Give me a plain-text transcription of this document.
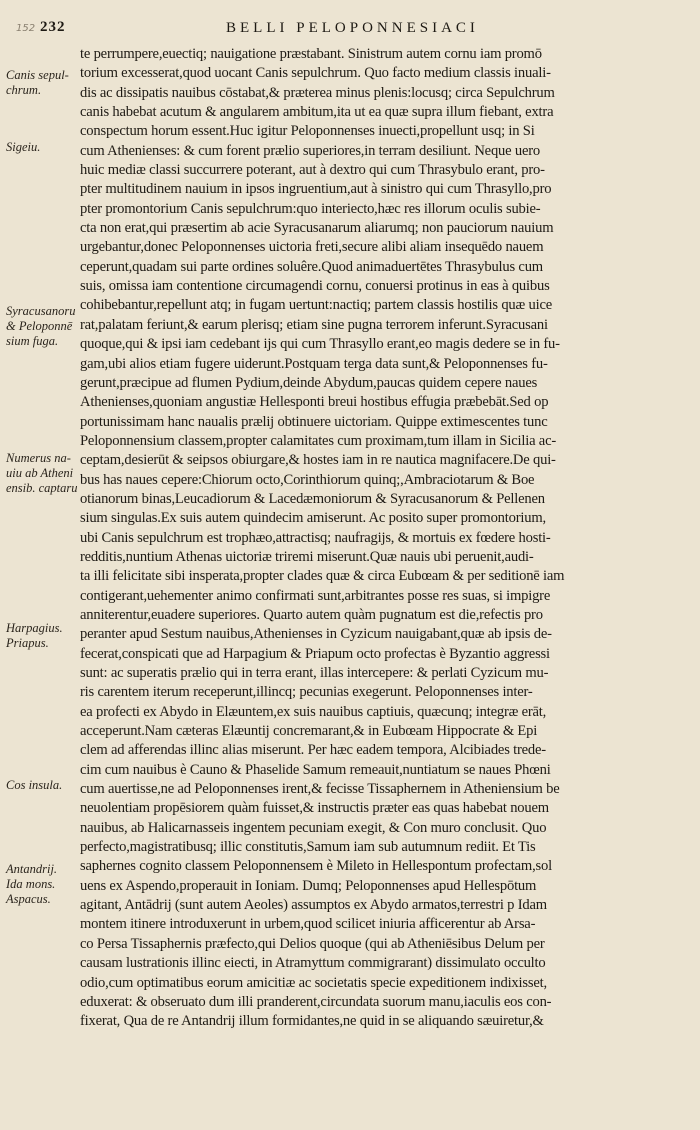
152 232	BELLI PELOPONNESIACI
Canis sepul-
chrum.
Sigeiu.
Syracusanoru
& Peloponnē
sium fuga.
Numerus na-
uiu ab Atheni
ensib. captaru
Harpagius.
Priapus.
Cos insula.
Antandrij.
Ida mons.
Aspacus.
te perrumpere,euectiq; nauigatione præstabant. Sinistrum autem cornu iam promō
torium excesserat,quod uocant Canis sepulchrum. Quo facto medium classis inuali-
dis ac dissipatis nauibus cōstabat,& præterea minus plenis:locusq; circa Sepulchrum
canis habebat acutum & angularem ambitum,ita ut ea quæ supra illum fiebant, extra
conspectum horum essent.Huc igitur Peloponnenses inuecti,propellunt usq; in Si
cum Athenienses: & cum forent prælio superiores,in terram desiliunt. Neque uero
huic mediæ classi succurrere poterant, aut à dextro qui cum Thrasybulo erant, pro-
pter multitudinem nauium in ipsos ingruentium,aut à sinistro qui cum Thrasyllo,pro
pter promontorium Canis sepulchrum:quo interiecto,hæc res illorum oculis subie-
cta non erat,qui præsertim ab acie Syracusanarum aliarumq; non pauciorum nauium
urgebantur,donec Peloponnenses uictoria freti,secure alibi aliam insequēdo nauem
ceperunt,quadam sui parte ordines soluêre.Quod animaduertētes Thrasybulus cum
suis, omissa iam contentione circumagendi cornu, conuersi protinus in eas à quibus
cohibebantur,repellunt atq; in fugam uertunt:nactiq; partem classis hostilis quæ uice
rat,palatam feriunt,& earum plerisq; etiam sine pugna terrorem inferunt.Syracusani
quoque,qui & ipsi iam cedebant ijs qui cum Thrasyllo erant,eo magis dedere se in fu-
gam,ubi alios etiam fugere uiderunt.Postquam terga data sunt,& Peloponnenses fu-
gerunt,præcipue ad flumen Pydium,deinde Abydum,paucas quidem cepere naues
Athenienses,quoniam angustiæ Hellesponti breui hostibus effugia præbebāt.Sed op
portunissimam hanc naualis prælij obtinuere uictoriam. Quippe extimescentes tunc
Peloponnensium classem,propter calamitates cum proximam,tum illam in Sicilia ac-
ceptam,desierūt & seipsos obiurgare,& hostes iam in re nautica magnifacere.De qui-
bus has naues cepere:Chiorum octo,Corinthiorum quinq;,Ambraciotarum & Boe
otianorum binas,Leucadiorum & Lacedæmoniorum & Syracusanorum & Pellenen
sium singulas.Ex suis autem quindecim amiserunt. Ac posito super promontorium,
ubi Canis sepulchrum est trophæo,attractisq; naufragijs, & mortuis ex fœdere hosti-
redditis,nuntium Athenas uictoriæ triremi miserunt.Quæ nauis ubi peruenit,audi-
ta illi felicitate sibi insperata,propter clades quæ & circa Eubœam & per seditionē iam
contigerant,uehementer animo confirmati sunt,arbitrantes posse res suas, si impigre
anniterentur,euadere superiores. Quarto autem quàm pugnatum est die,refectis pro
peranter apud Sestum nauibus,Athenienses in Cyzicum nauigabant,quæ ab ipsis de-
fecerat,conspicati que ad Harpagium & Priapum octo profectas è Byzantio aggressi
sunt: ac superatis prælio qui in terra erant, illas intercepere: & perlati Cyzicum mu-
ris carentem iterum receperunt,illincq; pecunias exegerunt. Peloponnenses inter-
ea profecti ex Abydo in Elæuntem,ex suis nauibus captiuis, quæcunq; integræ erāt,
acceperunt.Nam cæteras Elæuntij concremarant,& in Eubœam Hippocrate & Epi
clem ad afferendas illinc alias miserunt. Per hæc eadem tempora, Alcibiades trede-
cim cum nauibus è Cauno & Phaselide Samum remeauit,nuntiatum se naues Phœni
cum auertisse,ne ad Peloponnenses irent,& fecisse Tissaphernem in Atheniensium be
neuolentiam propēsiorem quàm fuisset,& instructis præter eas quas habebat nouem
nauibus, ab Halicarnasseis ingentem pecuniam exegit, & Con muro conclusit. Quo
perfecto,magistratibusq; illic constitutis,Samum iam sub autumnum rediit. Et Tis
saphernes cognito classem Peloponnensem è Mileto in Hellespontum profectam,sol
uens ex Aspendo,properauit in Ioniam. Dumq; Peloponnenses apud Hellespōtum
agitant, Antādrij (sunt autem Aeoles) assumptos ex Abydo armatos,terrestri p Idam
montem itinere introduxerunt in urbem,quod scilicet iniuria afficerentur ab Arsa-
co Persa Tissaphernis præfecto,qui Delios quoque (qui ab Atheniēsibus Delum per
causam lustrationis illinc eiecti, in Atramyttum commigrarant) dissimulato occulto
odio,cum optimatibus eorum amicitiæ ac societatis specie expeditionem indixisset,
eduxerat: & obseruato dum illi pranderent,circundata suorum manu,iaculis eos con-
fixerat, Qua de re Antandrij illum formidantes,ne quid in se aliquando sæuiretur,&
